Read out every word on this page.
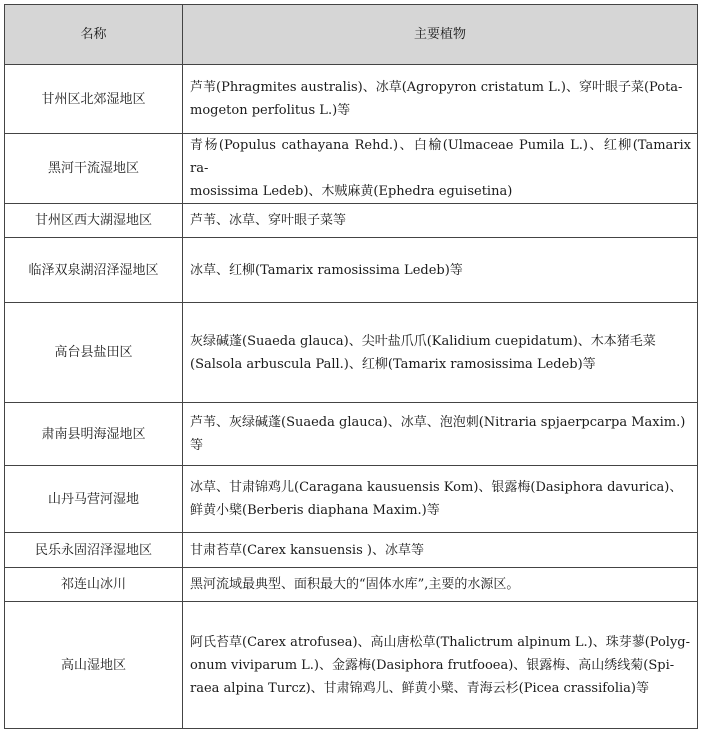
名称	主要植物
甘州区北郊湿地区	芦苇(Phragmites australis)、冰草(Agropyron cristatum L.)、穿叶眼子菜(Pota-
mogeton perfolitus L.)等
黑河干流湿地区	青杨(Populus cathayana Rehd.)、白榆(Ulmaceae Pumila L.)、红柳(Tamarix ra-
mosissima Ledeb)、木贼麻黄(Ephedra eguisetina)
甘州区西大湖湿地区	芦苇、冰草、穿叶眼子菜等
临泽双泉湖沼泽湿地区	冰草、红柳(Tamarix ramosissima Ledeb)等
高台县盐田区	灰绿碱蓬(Suaeda glauca)、尖叶盐爪爪(Kalidium cuepidatum)、木本猪毛菜
(Salsola arbuscula Pall.)、红柳(Tamarix ramosissima Ledeb)等
肃南县明海湿地区	芦苇、灰绿碱蓬(Suaeda glauca)、冰草、泡泡刺(Nitraria spjaerpcarpa Maxim.)
等
山丹马营河湿地	冰草、甘肃锦鸡儿(Caragana kausuensis Kom)、银露梅(Dasiphora davurica)、
鲜黄小檗(Berberis diaphana Maxim.)等
民乐永固沼泽湿地区	甘肃苔草(Carex kansuensis )、冰草等
祁连山冰川	黑河流域最典型、面积最大的“固体水库”,主要的水源区。
高山湿地区	阿氏苔草(Carex atrofusea)、高山唐松草(Thalictrum alpinum L.)、珠芽蓼(Polyg-
onum viviparum L.)、金露梅(Dasiphora frutfooea)、银露梅、高山绣线菊(Spi-
raea alpina Turcz)、甘肃锦鸡儿、鲜黄小檗、青海云杉(Picea crassifolia)等
